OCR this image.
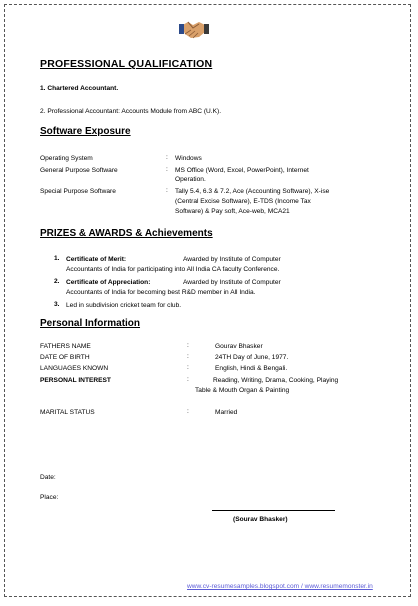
PROFESSIONAL QUALIFICATION
1. Chartered Accountant.
2. Professional Accountant: Accounts Module from ABC (U.K).
Software Exposure
Operating System	: Windows
General Purpose Software	: MS Office (Word, Excel, PowerPoint), Internet
Operation.
Special Purpose Software	: Tally 5.4, 6.3 & 7.2, Ace (Accounting Software), X-ise
(Central Excise Software), E-TDS (Income Tax
Software) & Pay soft, Ace-web, MCA21
PRIZES & AWARDS & Achievements
1. Certificate of Merit:	Awarded by Institute of Computer
Accountants of India for participating into All India CA faculty Conference.
2. Certificate of Appreciation:	Awarded by Institute of Computer
Accountants of India for becoming best R&D member in All India.
3. Led in subdivision cricket team for club.
Personal Information
FATHERS NAME	:	Gourav Bhasker
DATE OF BIRTH	:	24TH Day of June, 1977.
LANGUAGES KNOWN	:	English, Hindi & Bengali.
PERSONAL INTEREST	:	Reading, Writing, Drama, Cooking, Playing
Table & Mouth Organ & Painting
MARITAL STATUS	:	Married
Date:
Place:
(Sourav Bhasker)
www.cv-resumesamples.blogspot.com / www.resumemonster.in
